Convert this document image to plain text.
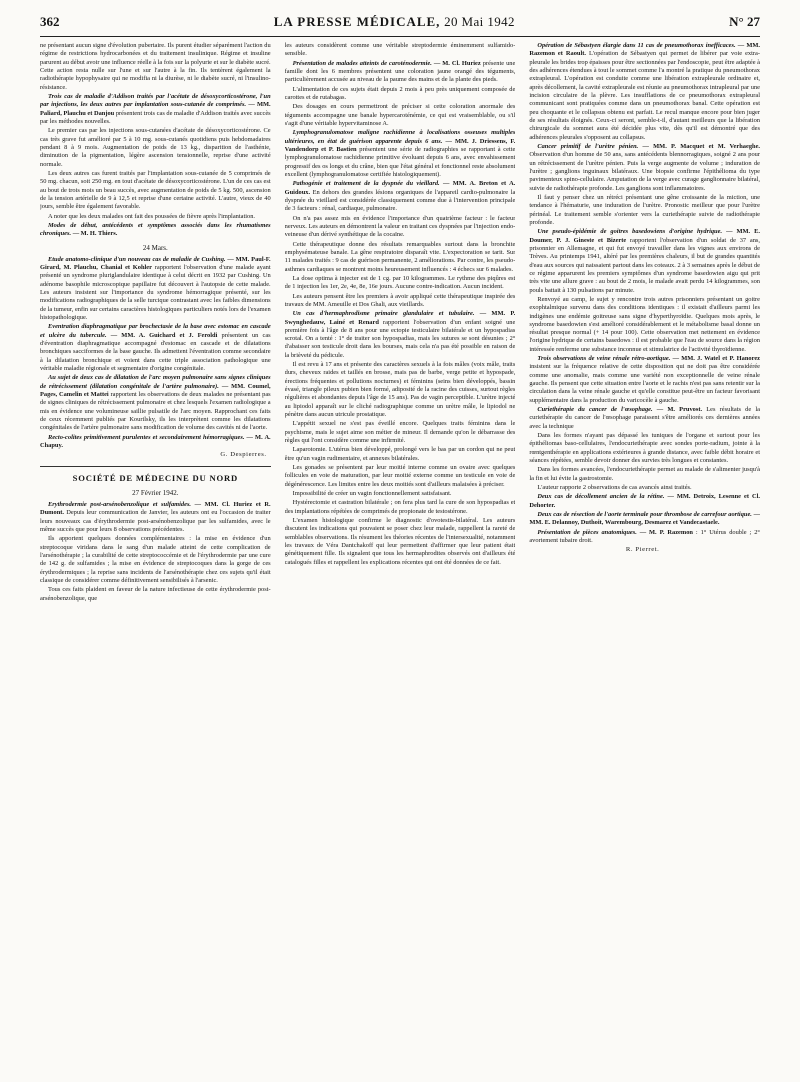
362	LA PRESSE MÉDICALE, 20 Mai 1942	N° 27

ne présentant aucun signe d'évolution pubertaire. Ils purent étudier séparément l'action du régime de restrictions hydrocarbonées et du traitement insulinique. Régime et insuline parurent au début avoir une influence réelle à la fois sur la polyurie et sur le diabète sucré. Cette action resta nulle sur l'une et sur l'autre à la fin. Ils tentèrent également la radiothérapie hypophysaire qui ne modifia ni la diurèse, ni le diabète sucré, ni l'insulino-résistance.

Trois cas de maladie d'Addison traités par l'acétate de désoxycorticostérone, l'un par injections, les deux autres par implantation sous-cutanée de comprimés. — MM. Paliard, Plauchu et Danjou présentent trois cas de maladie d'Addison traités avec succès par les méthodes nouvelles.

Le premier cas par les injections sous-cutanées d'acétate de désoxycorticostérone. Ce cas très grave fut amélioré par 5 à 10 mg. sous-cutanés quotidiens puis hebdomadaires pendant 8 à 9 mois. Augmentation de poids de 13 kg., disparition de l'asthénie, diminution de la pigmentation, légère ascension tensionnelle, reprise d'une activité normale.

Les deux autres cas furent traités par l'implantation sous-cutanée de 5 comprimés de 50 mg. chacun, soit 250 mg. en tout d'acétate de désoxycorticostérone. L'un de ces cas est au bout de trois mois un beau succès, avec augmentation de poids de 5 kg. 500, ascension de la tension artérielle de 9 à 12,5 et reprise d'une certaine activité. L'autre, vieux de 40 jours, semble être également favorable.

A noter que les deux malades ont fait des poussées de fièvre après l'implantation.

Modes de début, antécédents et symptômes associés dans les rhumatismes chroniques. — M. H. Thiers.

24 Mars.

Etude anatomo-clinique d'un nouveau cas de maladie de Cushing. — MM. Paul-F. Girard, M. Plauchu, Chanial et Kohler rapportent l'observation d'une malade ayant présenté un syndrome pluriglandulaire identique à celui décrit en 1932 par Cushing. Un adénome basophile microscopique papillaire fut découvert à l'autopsie de cette malade. Les auteurs insistent sur l'importance du syndrome hémorragique présenté, sur les modifications radiographiques de la selle turcique contrastant avec les faibles dimensions de la tumeur, enfin sur certains caractères histologiques particuliers notés lors de l'examen histopathologique.

Eventration diaphragmatique par brochectasie de la base avec estomac en cascade et ulcère du tubercule. — MM. A. Guichard et J. Feroldi présentent un cas d'éventration diaphragmatique accompagné d'estomac en cascade et de dilatations bronchiques sacciformes de la base gauche. Ils admettent l'éventration comme secondaire à la dilatation bronchique et voient dans cette triple association pathologique une véritable maladie régionale et segmentaire d'origine congénitale.

Au sujet de deux cas de dilatation de l'arc moyen pulmonaire sans signes cliniques de rétrécissement (dilatation congénitale de l'artère pulmonaire). — MM. Coumel, Pages, Camelin et Mattei rapportent les observations de deux malades ne présentant pas de signes cliniques de rétrécissement pulmonaire et chez lesquels l'examen radiologique a mis en évidence une volumineuse saillie pulsatile de l'arc moyen. Rapprochant ces faits de ceux récemment publiés par Kourilsky, ils les interprètent comme les dilatations congénitales de l'artère pulmonaire sans modification de volume des cavités ni de l'aorte.

Recto-colites primitivement purulentes et secondairement hémorragiques. — M. A. Chapuy.

G. Despierres.
SOCIÉTÉ DE MÉDECINE DU NORD
27 Février 1942.

Erythrodermie post-arsénobenzolique et sulfamides. — MM. Cl. Huriez et R. Dumont. Depuis leur communication de Janvier, les auteurs ont eu l'occasion de traiter leurs nouveaux cas d'érythrodermie post-arsénobenzolique par les sulfamides, avec le même succès que pour leurs 8 observations précédentes.

Ils apportent quelques données complémentaires : la mise en évidence d'un streptocoque viridans dans le sang d'un malade atteint de cette complication de l'arsénothérapie ; la curabilité de cette streptococcémie et de l'érythrodermie par une cure de 142 g. de sulfamides ; la mise en évidence de streptocoques dans la gorge de ces érythrodermiques ; la reprise sans incidents de l'arsénothérapie chez ces sujets qu'il était classique de considérer comme définitivement sensibilisés à l'arsenic.

Tous ces faits plaident en faveur de la nature infectieuse de cette érythrodermie post-arsénobenzolique, que

les auteurs considèrent comme une véritable streptodermie éminemment sulfamido-sensible.

Présentation de malades atteints de caroténodermie. — M. Cl. Huriez présente une famille dont les 6 membres présentent une coloration jaune orangé des téguments, particulièrement accusée au niveau de la paume des mains et de la plante des pieds.

L'alimentation de ces sujets était depuis 2 mois à peu près uniquement composée de carottes et de rutabagas.

Des dosages en cours permettront de préciser si cette coloration anormale des téguments accompagne une banale hypercaroténémie, ce qui est vraisemblable, ou s'il s'agit d'une véritable hypervitaminose A.

Lymphogranulomatose maligne rachidienne à localisations osseuses multiples ultérieures, en état de guérison apparente depuis 6 ans. — MM. J. Driessens, F. Vandendorp et P. Bastien présentent une série de radiographies se rapportant à cette lymphogranulomatose rachidienne primitive évoluant depuis 6 ans, avec envahissement progressif des os longs et du crâne, bien que l'état général et fonctionnel reste absolument excellent (lymphogranulomatose certifiée histologiquement).

Pathogénie et traitement de la dyspnée du vieillard. — MM. A. Breton et A. Guidoux. En dehors des grandes lésions organiques de l'appareil cardio-pulmonaire la dyspnée du vieillard est considérée classiquement comme due à l'intervention principale de 3 facteurs : rénal, cardiaque, pulmonaire.

On n'a pas assez mis en évidence l'importance d'un quatrième facteur : le facteur nerveux. Les auteurs en démontrent la valeur en traitant ces dyspnées par l'injection endo-veineuse d'un dérivé synthétique de la cocaïne.

Cette thérapeutique donne des résultats remarquables surtout dans la bronchite emphysémateuse banale. La gêne respiratoire disparaît vite. L'expectoration se tarit. Sur 11 malades traités : 9 cas de guérison permanente, 2 améliorations. Par contre, les pseudo-asthmes cardiaques se montrent moins heureusement influencés : 4 échecs sur 6 malades.

La dose optima à injecter est de 1 cg. par 10 kilogrammes. Le rythme des piqûres est de 1 injection les 1er, 2e, 4e, 8e, 16e jours. Aucune contre-indication. Aucun incident.

Les auteurs pensent être les premiers à avoir appliqué cette thérapeutique inspirée des travaux de MM. Ameuille et Dos Ghali, aux vieillards.

Un cas d'hermaphrodisme primaire glandulaire et tubulaire. — MM. P. Swynghedauw, Lainé et Renard rapportent l'observation d'un enfant soigné une première fois à l'âge de 8 ans pour une ectopie testiculaire bilatérale et un hypospadias scrotal. On a tenté : 1° de traiter son hypospadias, mais les sutures se sont désunies ; 2° d'abaisser son testicule droit dans les bourses, mais cela n'a pas été possible en raison de la brièveté du pédicule.

Il est revu à 17 ans et présente des caractères sexuels à la fois mâles (voix mâle, traits durs, cheveux raides et taillés en brosse, mais pas de barbe, verge petite et hypospade, érections fréquentes et pollutions nocturnes) et féminins (seins bien développés, bassin évasé, triangle pileux pubien bien formé, adiposité de la racine des cuisses, surtout règles régulières et abondantes depuis l'âge de 15 ans). Pas de vagin perceptible. L'urètre injecté au lipiodol apparaît sur le cliché radiographique comme un urètre mâle, le lipiodol ne pénètre dans aucun utricule prostatique.

L'appétit sexuel ne s'est pas éveillé encore. Quelques traits féminins dans le psychisme, mais le sujet aime son métier de mineur. Il demande qu'on le débarrasse des règles qui l'ont considère comme une infirmité.

Laparotomie. L'utérus bien développé, prolongé vers le bas par un cordon qui ne peut être qu'un vagin rudimentaire, et annexes bilatérales.

Les gonades se présentent par leur moitié interne comme un ovaire avec quelques follicules en voie de maturation, par leur moitié externe comme un testicule en voie de dégénérescence. Les limites entre les deux moitiés sont d'ailleurs malaisées à préciser.

Impossibilité de créer un vagin fonctionnellement satisfaisant.

Hystérectomie et castration bilatérale ; on fera plus tard la cure de son hypospadias et des implantations répétées de comprimés de propionate de testostérone.

L'examen histologique confirme le diagnostic d'ovotestis-bilatéral. Les auteurs discutent les indications qui pouvaient se poser chez leur malade, rappellent la rareté de semblables observations. Ils résument les théories récentes de l'intersexualité, notamment les travaux de Véra Dantchakoff qui leur permettent d'affirmer que leur patient était génétiquement fille. Ils signalent que tous les hermaphrodites observés ont d'ailleurs été catalogués filles et rappellent les explications récentes qui ont été données de ce fait.

Opération de Sébastyen élargie dans 11 cas de pneumothorax inefficaces. — MM. Razemon et Raoult. L'opération de Sébastyen qui permet de libérer par voie extra-pleurale les brides trop épaisses pour être sectionnées par l'endoscopie, peut être adaptée à des adhérences étendues à tout le sommet comme l'a montré la pratique du pneumothorax extrapleural. L'opération est conduite comme une libération extrapleurale ordinaire et, après décollement, la cavité extrapleurale est réunie au pneumothorax intrapleural par une incision circulaire de la plèvre. Les insufflations de ce pneumothorax extrapleural communicant sont pratiquées comme dans un pneumothorax banal. Cette opération est peu choquante et le collapsus obtenu est parfait. Le recul manque encore pour bien juger de ses résultats éloignés. Ceux-ci seront, semble-t-il, d'autant meilleurs que la libération chirurgicale du sommet aura été décidée plus vite, dès qu'il est démontré que des adhérences pleurales s'opposent au collapsus.

Cancer primitif de l'urètre pénien. — MM. P. Macquet et M. Verhaeghe. Observation d'un homme de 50 ans, sans antécédents blennorragiques, soigné 2 ans pour un rétrécissement de l'urètre pénien. Puis la verge augmente de volume ; induration de l'urètre ; ganglions inguinaux bilatéraux. Une biopsie confirme l'épithélioma du type pavimenteux spino-cellulaire. Amputation de la verge avec curage ganglionnaire bilatéral, suivie de radiothérapie profonde. Les ganglions sont inflammatoires.

Il faut y penser chez un rétréci présentant une gêne croissante de la miction, une tendance à l'hématurie, une induration de l'urètre. Pronostic meilleur que pour l'urètre périnéal. Le traitement semble s'orienter vers la curiethérapie suivie de radiothérapie profonde.

Une pseudo-épidémie de goitres basedowiens d'origine hydrique. — MM. E. Doumer, P. J. Gineste et Bizerte rapportent l'observation d'un soldat de 37 ans, prisonnier en Allemagne, et qui fut envoyé travailler dans les vignes aux environs de Trèves. Au printemps 1941, altéré par les premières chaleurs, il but de grandes quantités d'eau aux sources qui naissaient partout dans les coteaux. 2 à 3 semaines après le début de ce régime apparurent les premiers symptômes d'un syndrome basedowien aigu qui prit très vite une allure grave : au bout de 2 mois, le malade avait perdu 14 kilogrammes, son pouls battait à 130 pulsations par minute.

Renvoyé au camp, le sujet y rencontre trois autres prisonniers présentant un goitre exophtalmique survenu dans des conditions identiques : il existait d'ailleurs parmi les indigènes une endémie goitreuse sans signe d'hyperthyroïdie. Quelques mois après, le syndrome basedowien s'est amélioré considérablement et le métabolisme basal donne un résultat presque normal (+ 14 pour 100). Cette observation met nettement en évidence l'origine hydrique de certains basedows : il est probable que l'eau de source dans la région intéressée renferme une substance inconnue et stimulatrice de l'activité thyroïdienne.

Trois observations de veine rénale rétro-aortique. — MM. J. Watel et P. Hanorez insistent sur la fréquence relative de cette disposition qui ne doit pas être considérée comme une anomalie, mais comme une variété non exceptionnelle de veine rénale gauche. Ils pensent que cette situation entre l'aorte et le rachis n'est pas sans retentir sur la circulation dans la veine rénale gauche et qu'elle constitue peut-être un facteur favorisant supplémentaire dans la production du varicocèle à gauche.

Curiethérapie du cancer de l'œsophage. — M. Pruvost. Les résultats de la curiethérapie du cancer de l'œsophage paraissent s'être améliorés ces dernières années avec la technique

Dans les formes n'ayant pas dépassé les tuniques de l'organe et surtout pour les épithéliomas baso-cellulaires, l'endocuriethérapie avec sondes porte-radium, jointe à la rœntgenthérapie en applications extérieures à grande distance, avec faible débit horaire et séances répétées, semble devoir donner des survies très longues et constantes.

Dans les formes avancées, l'endocuriethérapie permet au malade de s'alimenter jusqu'à la fin et lui évite la gastrostomie.

L'auteur rapporte 2 observations de cas avancés ainsi traités.

Deux cas de décollement ancien de la rétine. — MM. Detroix, Lesenne et Cl. Dehorter.

Deux cas de résection de l'aorte terminale pour thrombose de carrefour aortique. — MM. E. Delannoy, Duthoit, Warembourg, Desmarez et Vandecastaele.

Présentation de pièces anatomiques. — M. P. Razemon : 1° Utérus double ; 2° avortement tubaire droit.

R. Pierret.
